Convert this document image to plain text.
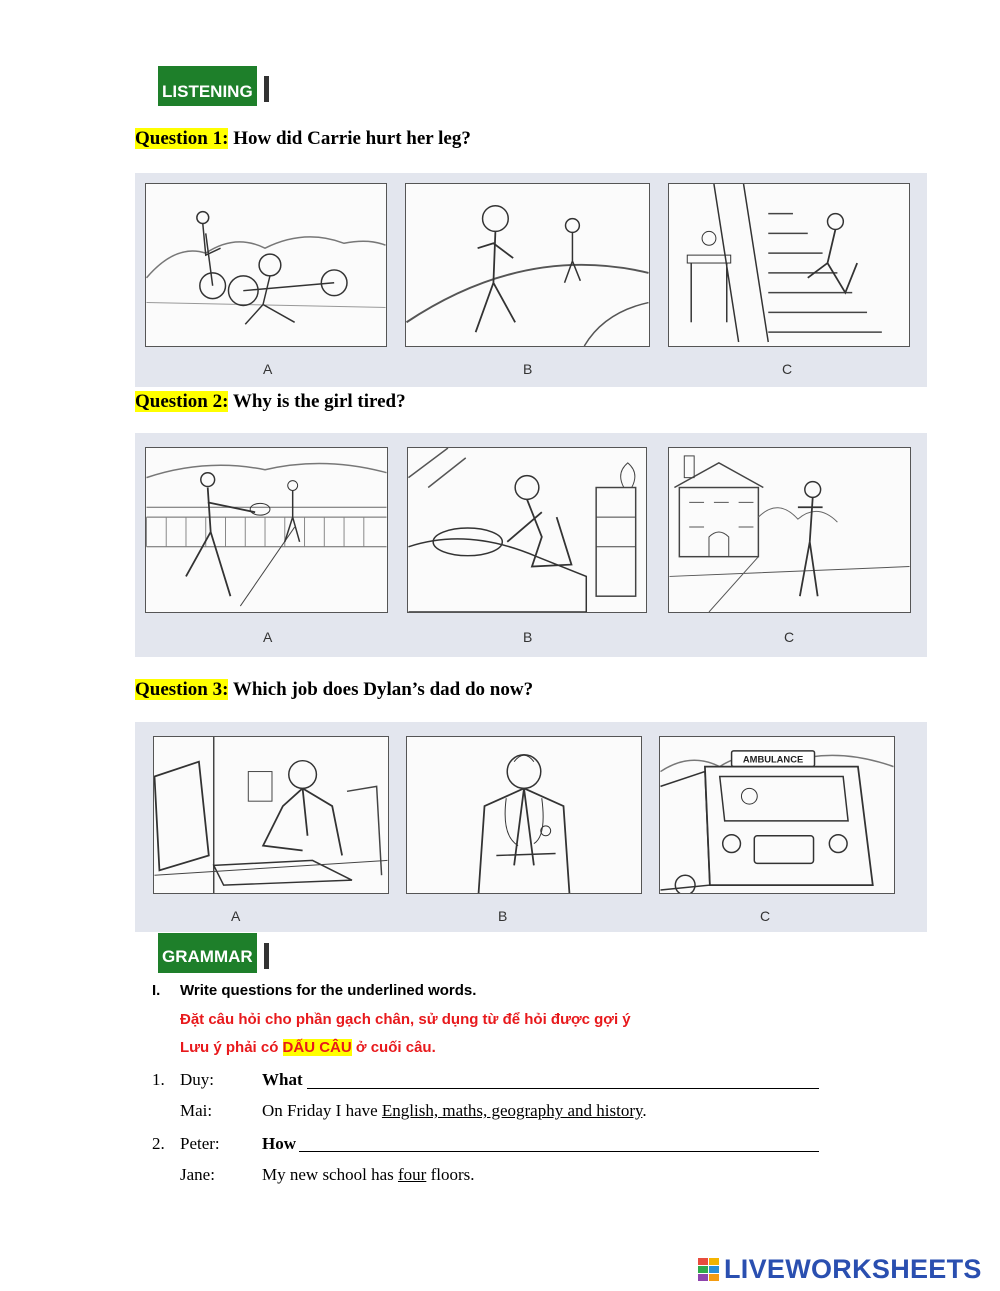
LISTENING
Question 1: How did Carrie hurt her leg?
A	B	C
Question 2: Why is the girl tired?
A	B	C
Question 3: Which job does Dylan’s dad do now?
A	B
AMBULANCE
C
GRAMMAR
I. Write questions for the underlined words.
Đặt câu hỏi cho phần gạch chân, sử dụng từ để hỏi được gợi ý
Lưu ý phải có DẤU CÂU ở cuối câu.
1. Duy:	What
Mai:	On Friday I have English, maths, geography and history.
2. Peter: How
Jane:	My new school has four floors.
LIVEWORKSHEETS
